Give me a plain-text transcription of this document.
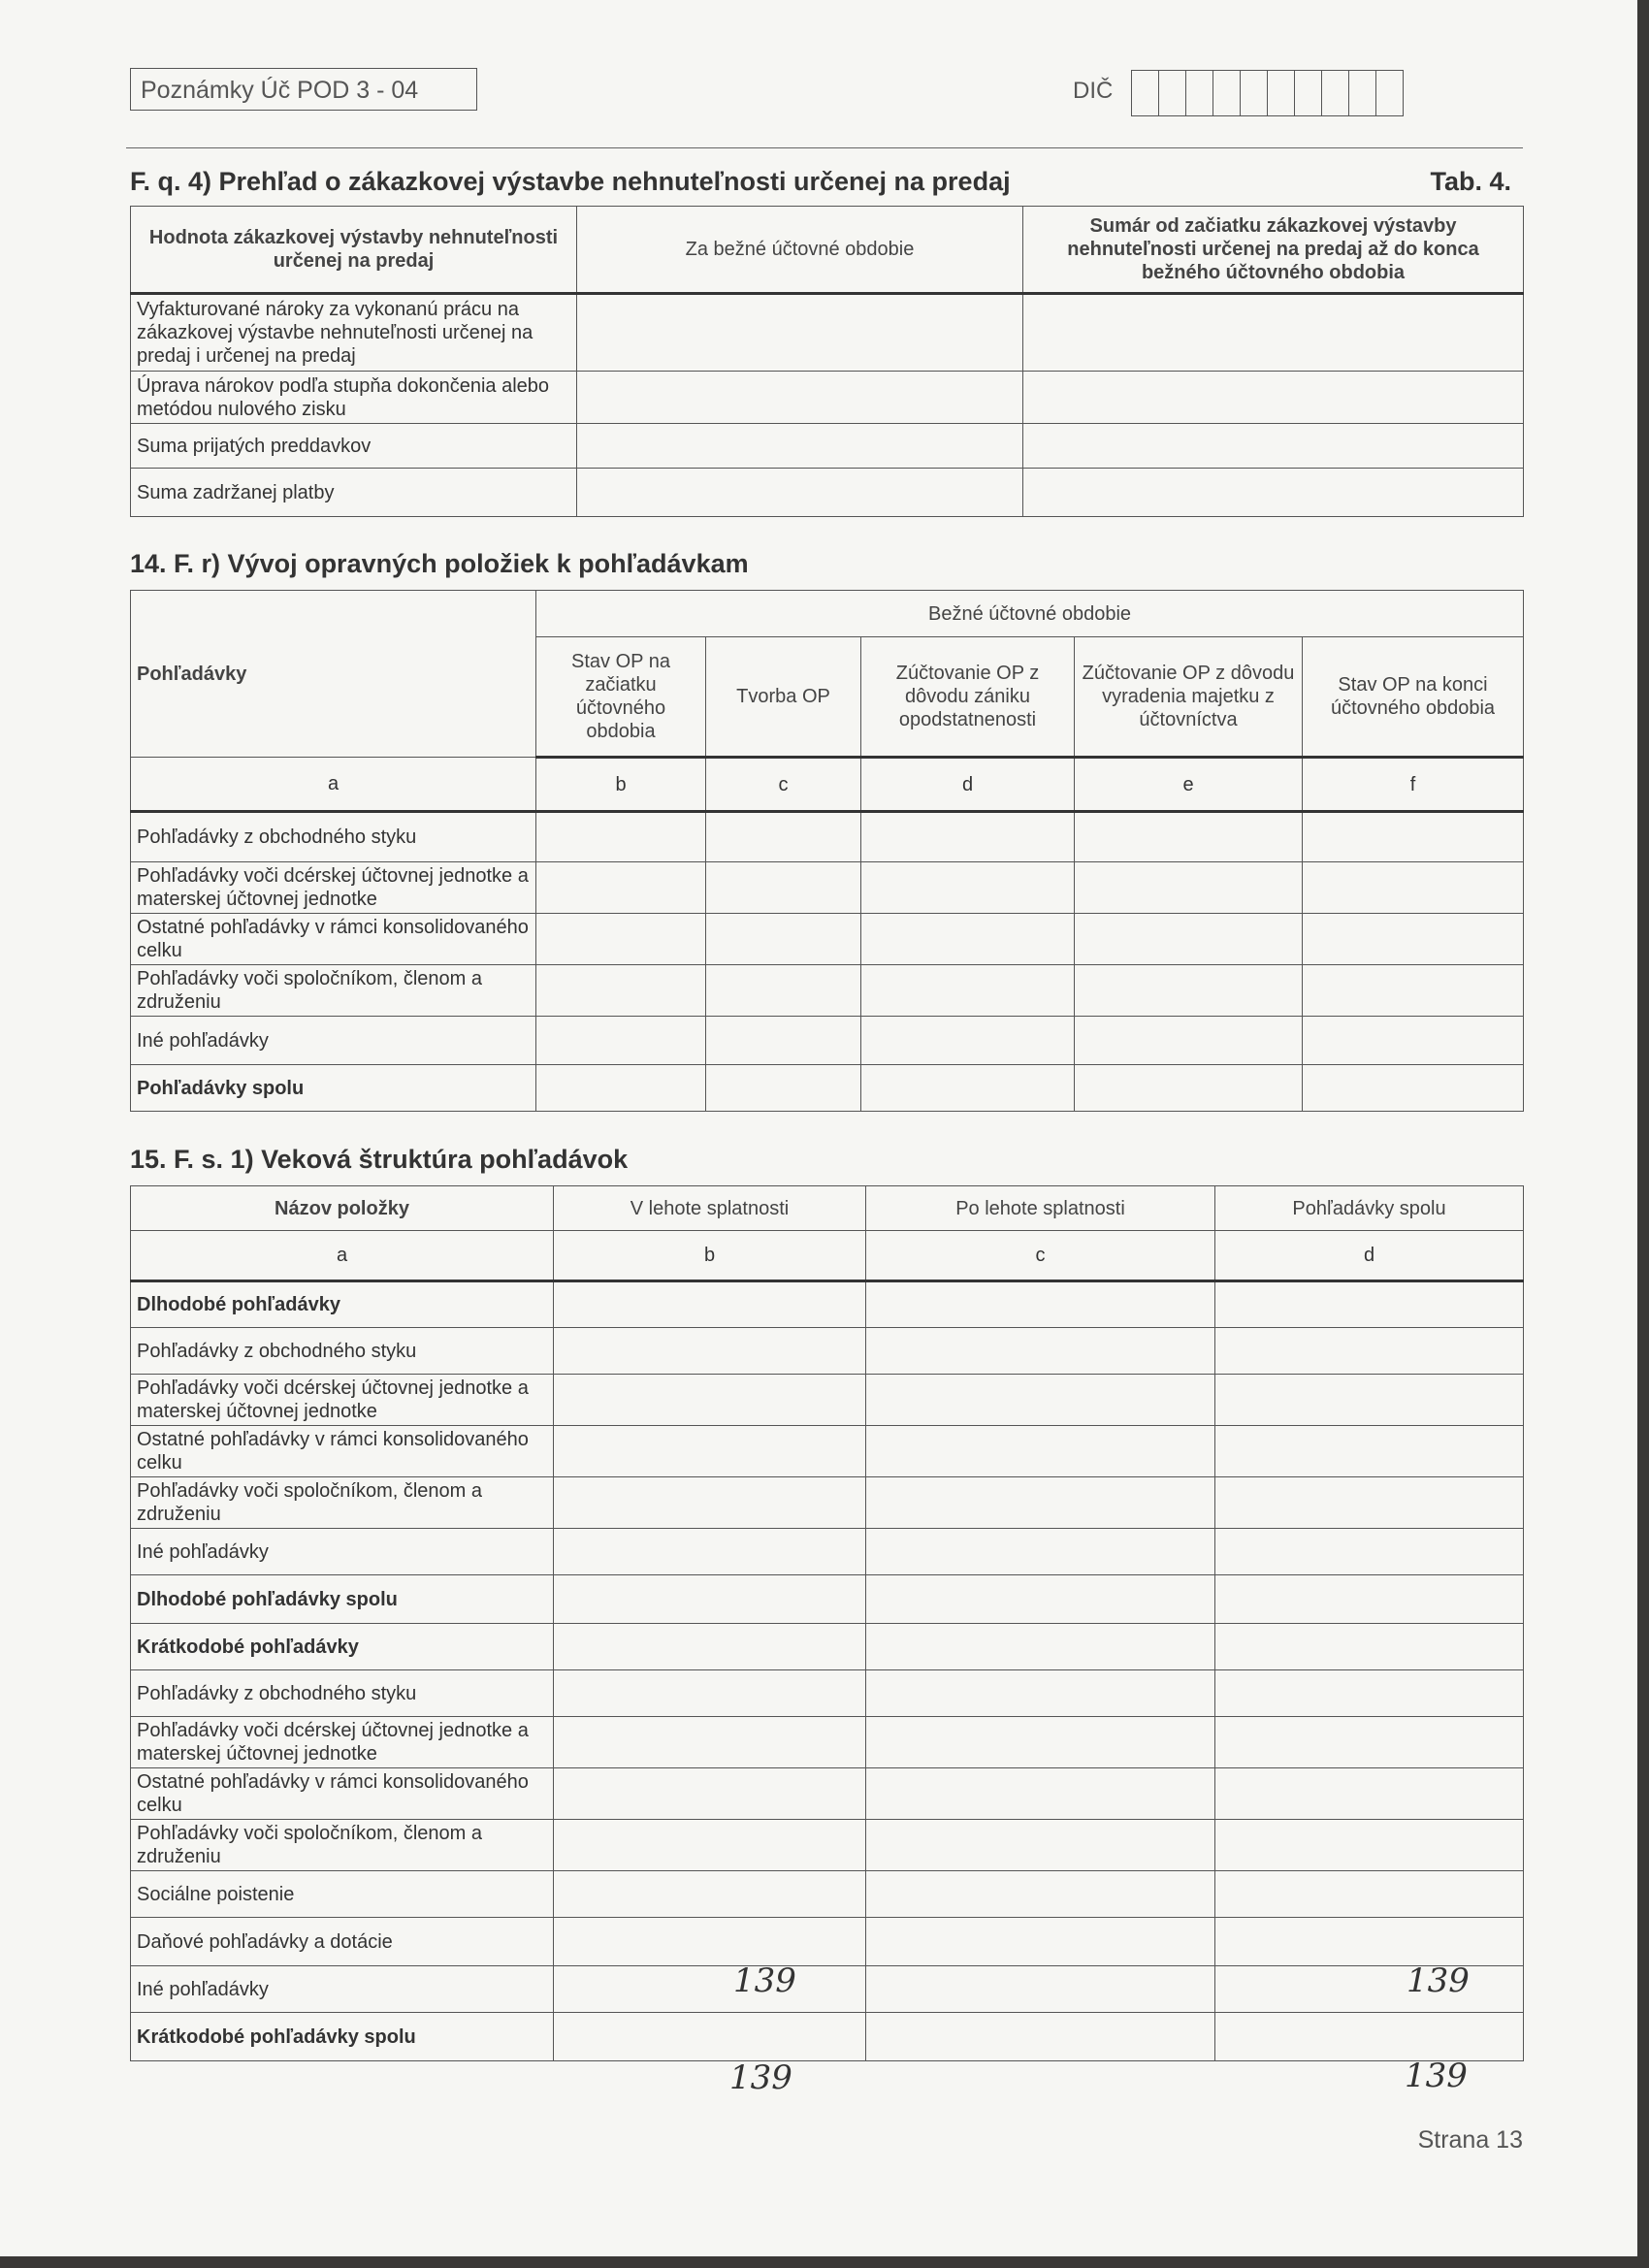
Poznámky Úč POD 3 - 04	DIČ
F. q. 4) Prehľad o zákazkovej výstavbe nehnuteľnosti určenej na predaj	Tab. 4.
Hodnota zákazkovej výstavby nehnuteľnosti určenej na predaj	Za bežné účtovné obdobie	Sumár od začiatku zákazkovej výstavby nehnuteľnosti určenej na predaj až do konca bežného účtovného obdobia
Vyfakturované nároky za vykonanú prácu na zákazkovej výstavbe nehnuteľnosti určenej na predaj i určenej na predaj		
Úprava nárokov podľa stupňa dokončenia alebo metódou nulového zisku		
Suma prijatých preddavkov		
Suma zadržanej platby		
14. F. r) Vývoj opravných položiek k pohľadávkam
Pohľadávky	Bežné účtovné obdobie				
	Stav OP na začiatku účtovného obdobia	Tvorba OP	Zúčtovanie OP z dôvodu zániku opodstatnenosti	Zúčtovanie OP z dôvodu vyradenia majetku z účtovníctva	Stav OP na konci účtovného obdobia
a	b	c	d	e	f
Pohľadávky z obchodného styku					
Pohľadávky voči dcérskej účtovnej jednotke a materskej účtovnej jednotke					
Ostatné pohľadávky v rámci konsolidovaného celku					
Pohľadávky voči spoločníkom, členom a združeniu					
Iné pohľadávky					
Pohľadávky spolu					
15. F. s. 1) Veková štruktúra pohľadávok
Názov položky	V lehote splatnosti	Po lehote splatnosti	Pohľadávky spolu
a	b	c	d
Dlhodobé pohľadávky			
Pohľadávky z obchodného styku			
Pohľadávky voči dcérskej účtovnej jednotke a materskej účtovnej jednotke			
Ostatné pohľadávky v rámci konsolidovaného celku			
Pohľadávky voči spoločníkom, členom a združeniu			
Iné pohľadávky			
Dlhodobé pohľadávky spolu			
Krátkodobé pohľadávky			
Pohľadávky z obchodného styku			
Pohľadávky voči dcérskej účtovnej jednotke a materskej účtovnej jednotke			
Ostatné pohľadávky v rámci konsolidovaného celku			
Pohľadávky voči spoločníkom, členom a združeniu			
Sociálne poistenie			
Daňové pohľadávky a dotácie			
Iné pohľadávky			
Krátkodobé pohľadávky spolu			
139	139
139	139
Strana 13
